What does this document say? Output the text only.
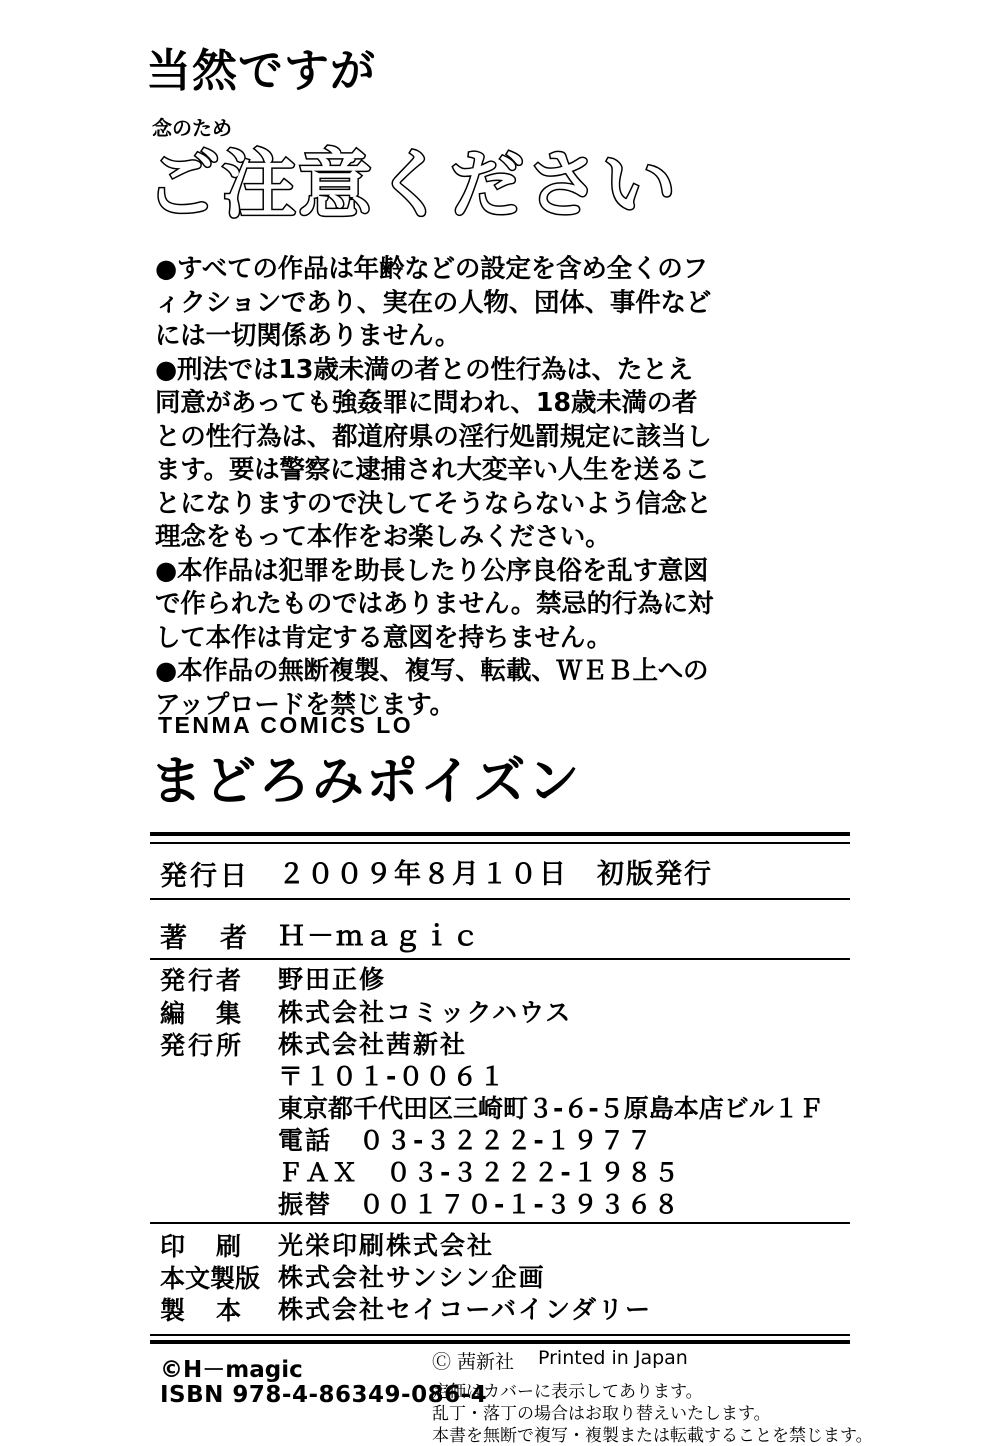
当然ですが
念のため
ご注意ください

●すべての作品は年齢などの設定を含め全くのフィクションであり、実在の人物、団体、事件などには一切関係ありません。

●刑法では13歳未満の者との性行為は、たとえ同意があっても強姦罪に問われ、18歳未満の者との性行為は、都道府県の淫行処罰規定に該当します。要は警察に逮捕され大変辛い人生を送ることになりますので決してそうならないよう信念と理念をもって本作をお楽しみください。

●本作品は犯罪を助長したり公序良俗を乱す意図で作られたものではありません。禁忌的行為に対して本作は肯定する意図を持ちません。

●本作品の無断複製、複写、転載、ＷＥＢ上へのアップロードを禁じます。

TENMA COMICS LO
まどろみポイズン
発行日 ２００９年８月１０日　初版発行
著　者 Ｈ－ｍａｇｉｃ
発行者 野田正修
編　集 株式会社コミックハウス
発行所 株式会社茜新社
〒１０１-００６１
東京都千代田区三崎町３-６-５原島本店ビル１Ｆ
電話　０３-３２２２-１９７７
ＦＡＸ　０３-３２２２-１９８５
振替　００１７０-１-３９３６８
印　刷 光栄印刷株式会社
本文製版 株式会社サンシン企画
製　本 株式会社セイコーバインダリー
©H－magic
ISBN 978-4-86349-086-4
Ⓒ 茜新社 Printed in Japan
定価はカバーに表示してあります。
乱丁・落丁の場合はお取り替えいたします。
本書を無断で複写・複製または転載することを禁じます。
